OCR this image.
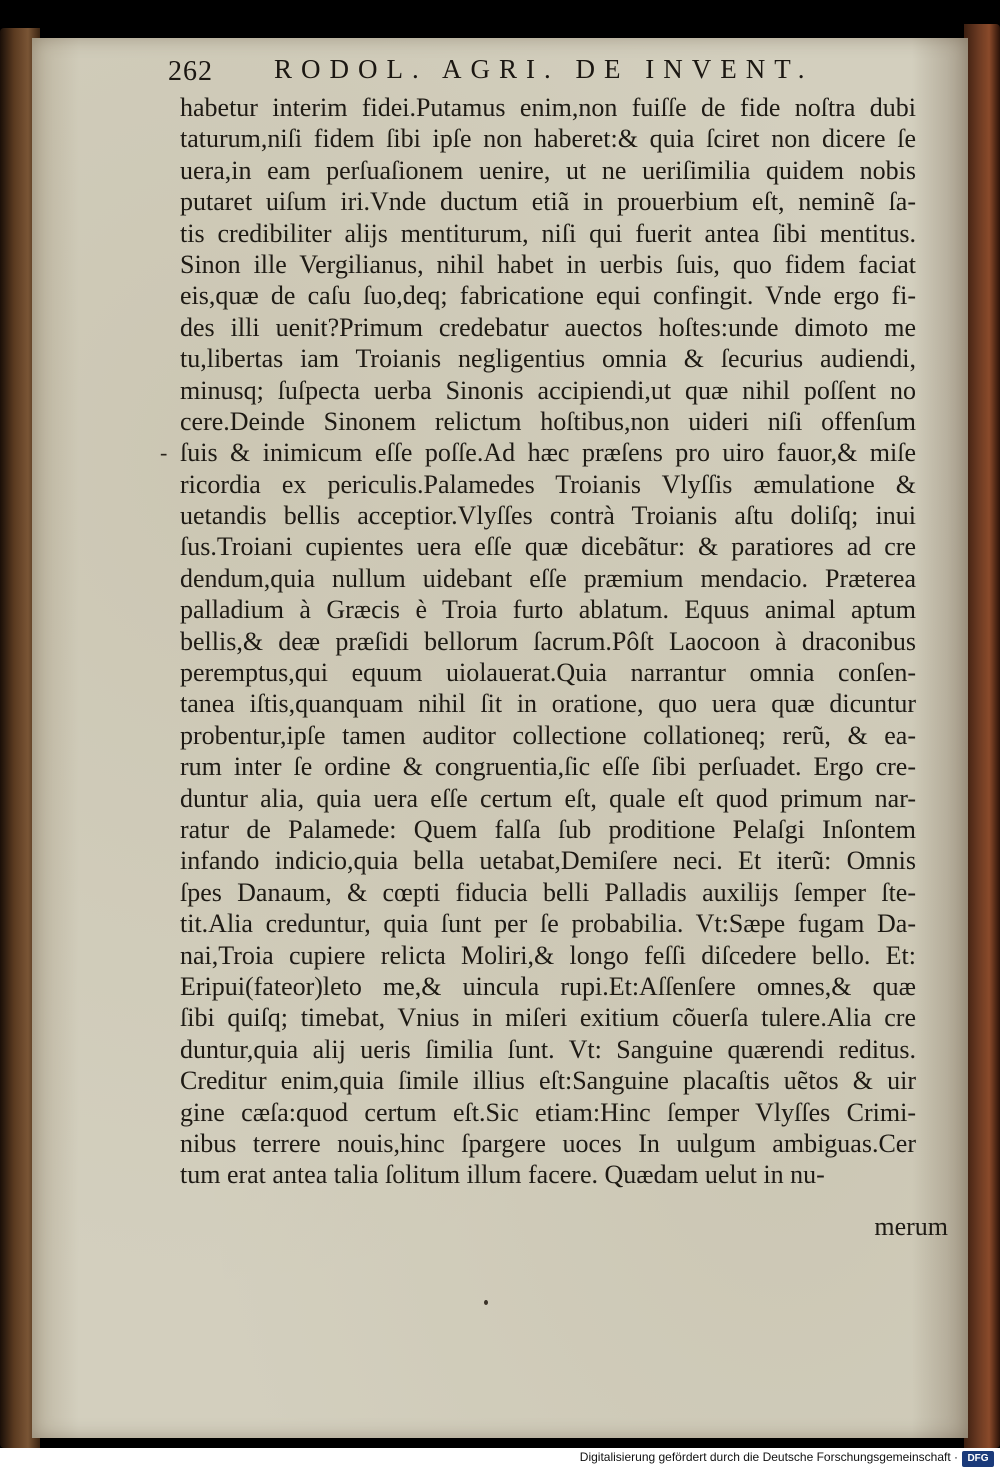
262 RODOL. AGRI. DE INVENT.
-
habetur interim fidei.Putamus enim,non fuiſſe de fide noſtra dubi
taturum,niſi fidem ſibi ipſe non haberet:& quia ſciret non dicere ſe
uera,in eam perſuaſionem uenire, ut ne ueriſimilia quidem nobis
putaret uiſum iri.Vnde ductum etiã in prouerbium eſt, neminẽ ſa-
tis credibiliter alijs mentiturum, niſi qui fuerit antea ſibi mentitus.
Sinon ille Vergilianus, nihil habet in uerbis ſuis, quo fidem faciat
eis,quæ de caſu ſuo,deq; fabricatione equi confingit. Vnde ergo fi-
des illi uenit?Primum credebatur auectos hoſtes:unde dimoto me
tu,libertas iam Troianis negligentius omnia & ſecurius audiendi,
minusq; ſuſpecta uerba Sinonis accipiendi,ut quæ nihil poſſent no
cere.Deinde Sinonem relictum hoſtibus,non uideri niſi offenſum
ſuis & inimicum eſſe poſſe.Ad hæc præſens pro uiro fauor,& miſe
ricordia ex periculis.Palamedes Troianis Vlyſſis æmulatione &
uetandis bellis acceptior.Vlyſſes contrà Troianis aſtu doliſq; inui
ſus.Troiani cupientes uera eſſe quæ dicebãtur: & paratiores ad cre
dendum,quia nullum uidebant eſſe præmium mendacio. Præterea
palladium à Græcis è Troia furto ablatum. Equus animal aptum
bellis,& deæ præſidi bellorum ſacrum.Pôſt Laocoon à draconibus
peremptus,qui equum uiolauerat.Quia narrantur omnia conſen-
tanea iſtis,quanquam nihil ſit in oratione, quo uera quæ dicuntur
probentur,ipſe tamen auditor collectione collationeq; rerũ, & ea-
rum inter ſe ordine & congruentia,ſic eſſe ſibi perſuadet. Ergo cre-
duntur alia, quia uera eſſe certum eſt, quale eſt quod primum nar-
ratur de Palamede: Quem falſa ſub proditione Pelaſgi Inſontem
infando indicio,quia bella uetabat,Demiſere neci. Et iterũ: Omnis
ſpes Danaum, & cœpti fiducia belli Palladis auxilijs ſemper ſte-
tit.Alia creduntur, quia ſunt per ſe probabilia. Vt:Sæpe fugam Da-
nai,Troia cupiere relicta Moliri,& longo feſſi diſcedere bello. Et:
Eripui(fateor)leto me,& uincula rupi.Et:Aſſenſere omnes,& quæ
ſibi quiſq; timebat, Vnius in miſeri exitium cõuerſa tulere.Alia cre
duntur,quia alij ueris ſimilia ſunt. Vt: Sanguine quærendi reditus.
Creditur enim,quia ſimile illius eſt:Sanguine placaſtis uẽtos & uir
gine cæſa:quod certum eſt.Sic etiam:Hinc ſemper Vlyſſes Crimi-
nibus terrere nouis,hinc ſpargere uoces In uulgum ambiguas.Cer
tum erat antea talia ſolitum illum facere. Quædam uelut in nu-
merum
Digitalisierung gefördert durch die Deutsche Forschungsgemeinschaft · DFG
